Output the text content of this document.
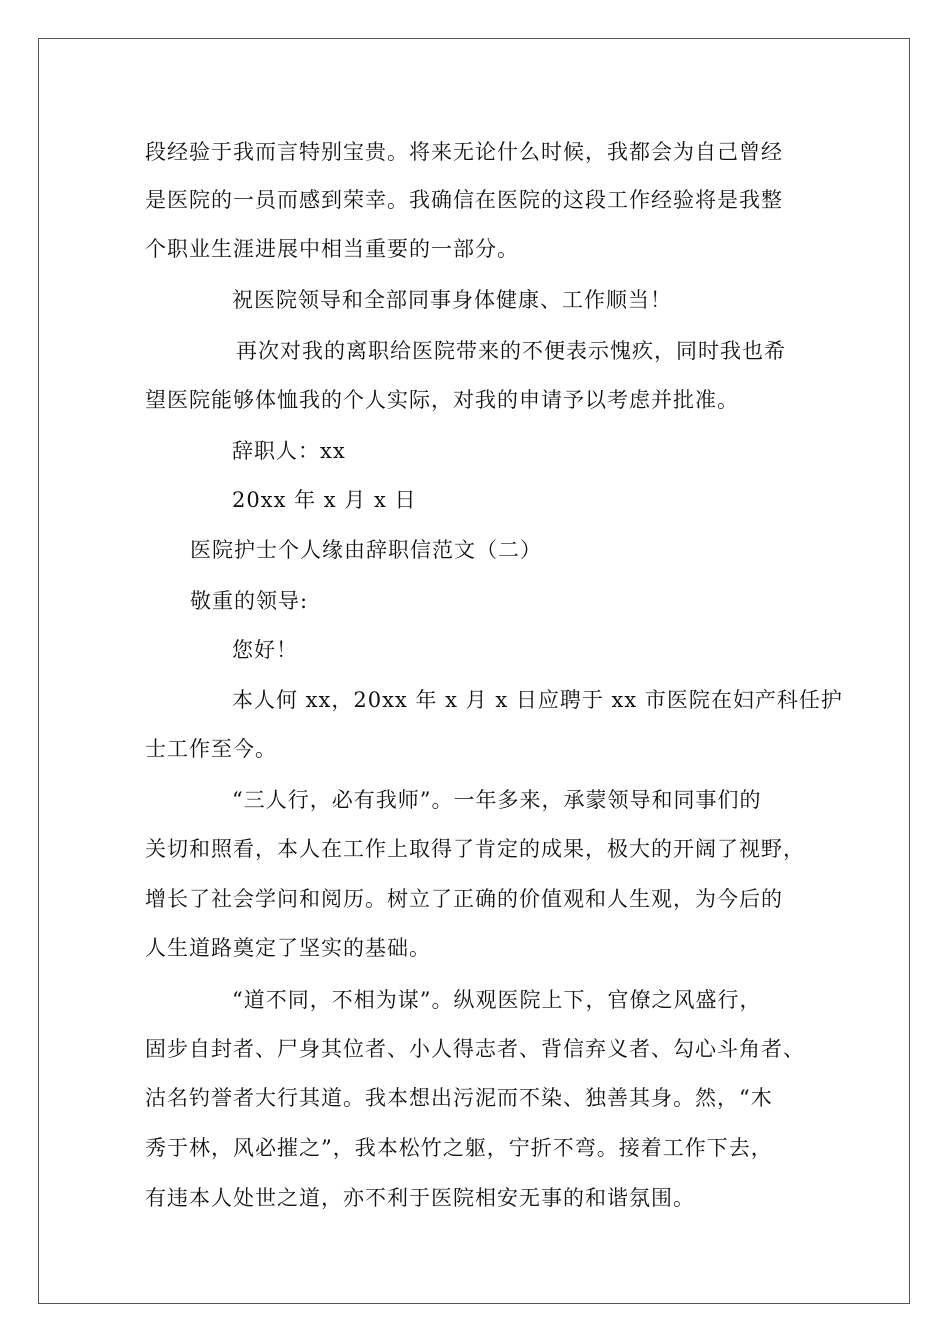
段经验于我而言特别宝贵。将来无论什么时候，我都会为自己曾经
是医院的一员而感到荣幸。我确信在医院的这段工作经验将是我整
个职业生涯进展中相当重要的一部分。
祝医院领导和全部同事身体健康、工作顺当！
再次对我的离职给医院带来的不便表示愧疚，同时我也希
望医院能够体恤我的个人实际，对我的申请予以考虑并批准。
辞职人：xx
20xx 年 x 月 x 日
医院护士个人缘由辞职信范文（二）
敬重的领导:
您好！
本人何 xx，20xx 年 x 月 x 日应聘于 xx 市医院在妇产科任护
士工作至今。
“三人行，必有我师”。一年多来，承蒙领导和同事们的
关切和照看，本人在工作上取得了肯定的成果，极大的开阔了视野，
增长了社会学问和阅历。树立了正确的价值观和人生观，为今后的
人生道路奠定了坚实的基础。
“道不同，不相为谋”。纵观医院上下，官僚之风盛行，
固步自封者、尸身其位者、小人得志者、背信弃义者、勾心斗角者、
沽名钓誉者大行其道。我本想出污泥而不染、独善其身。然，“木
秀于林，风必摧之”，我本松竹之躯，宁折不弯。接着工作下去，
有违本人处世之道，亦不利于医院相安无事的和谐氛围。
